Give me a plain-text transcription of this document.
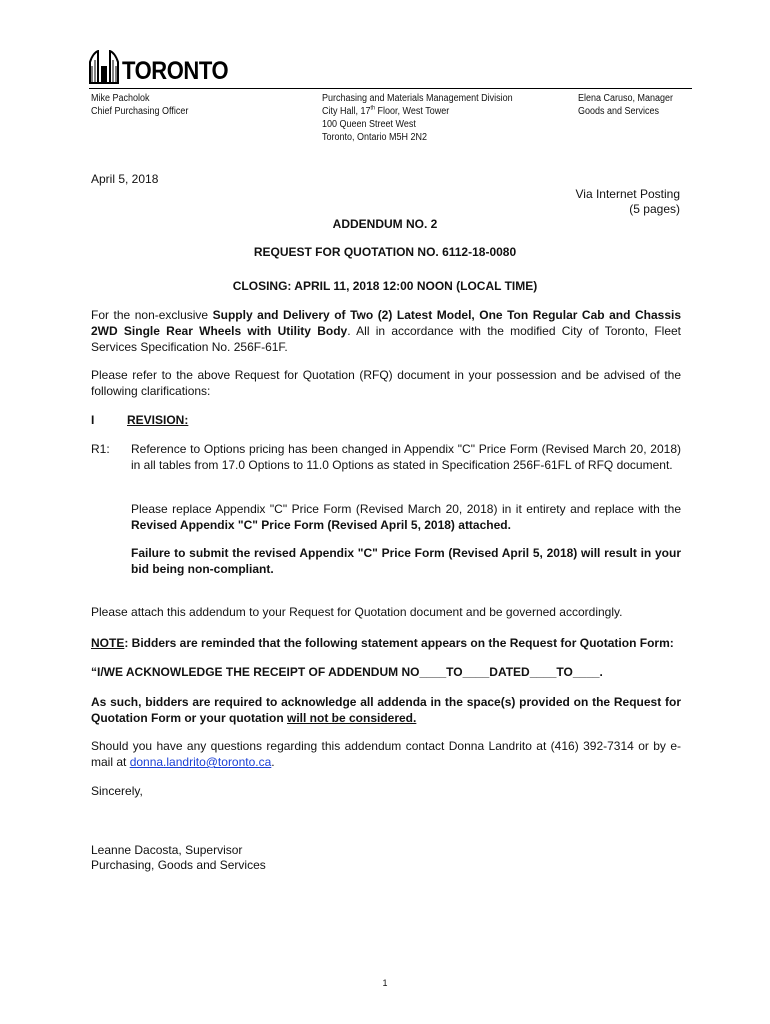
TORONTO
Mike Pacholok
Chief Purchasing Officer
Purchasing and Materials Management Division
City Hall, 17th Floor, West Tower
100 Queen Street West
Toronto, Ontario M5H 2N2
Elena Caruso, Manager
Goods and Services
April 5, 2018
Via Internet Posting
(5 pages)
ADDENDUM NO. 2
REQUEST FOR QUOTATION NO. 6112-18-0080
CLOSING: APRIL 11, 2018 12:00 NOON (LOCAL TIME)
For the non-exclusive Supply and Delivery of Two (2) Latest Model, One Ton Regular Cab and Chassis 2WD Single Rear Wheels with Utility Body. All in accordance with the modified City of Toronto, Fleet Services Specification No. 256F-61F.
Please refer to the above Request for Quotation (RFQ) document in your possession and be advised of the following clarifications:
I	REVISION:
R1: Reference to Options pricing has been changed in Appendix "C" Price Form (Revised March 20, 2018) in all tables from 17.0 Options to 11.0 Options as stated in Specification 256F-61FL of RFQ document.
Please replace Appendix "C" Price Form (Revised March 20, 2018) in it entirety and replace with the Revised Appendix "C" Price Form (Revised April 5, 2018) attached.
Failure to submit the revised Appendix "C" Price Form (Revised April 5, 2018) will result in your bid being non-compliant.
Please attach this addendum to your Request for Quotation document and be governed accordingly.
NOTE: Bidders are reminded that the following statement appears on the Request for Quotation Form:
“I/WE ACKNOWLEDGE THE RECEIPT OF ADDENDUM NO____TO____DATED____TO____.
As such, bidders are required to acknowledge all addenda in the space(s) provided on the Request for Quotation Form or your quotation will not be considered.
Should you have any questions regarding this addendum contact Donna Landrito at (416) 392-7314 or by e-mail at donna.landrito@toronto.ca.
Sincerely,
Leanne Dacosta, Supervisor
Purchasing, Goods and Services
1
